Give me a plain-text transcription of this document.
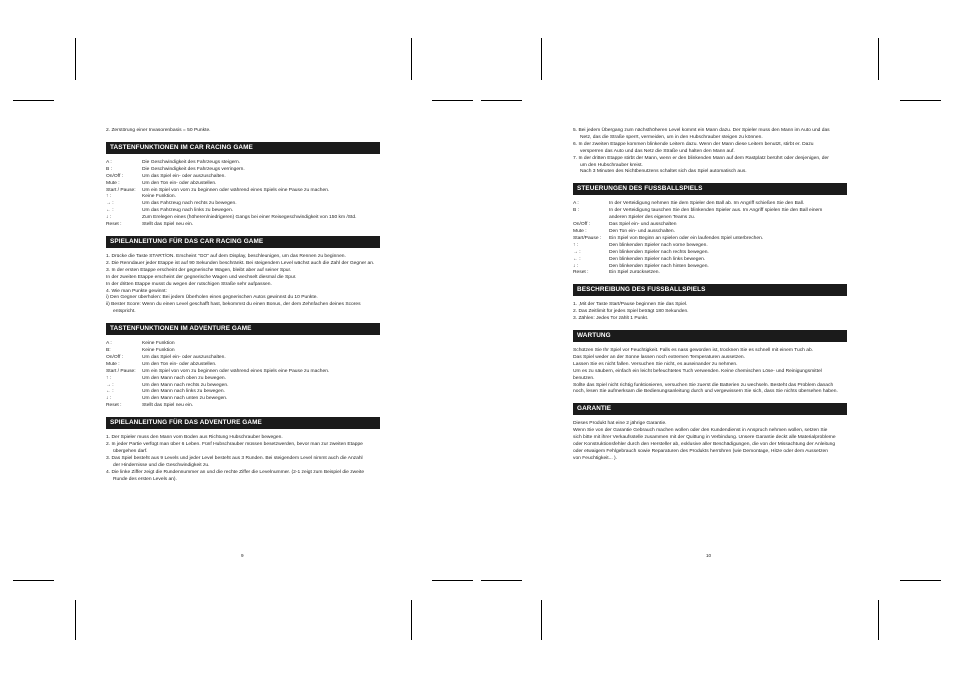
2. Zerstörung einer Invasorenbasis = 50 Punkte.

TASTENFUNKTIONEN IM CAR RACING GAME
A :	Die Geschwindigkeit des Fahrzeugs steigern.
B :	Die Geschwindigkeit des Fahrzeugs verringern.
On/Off :	Um das Spiel ein- oder auszuschalten.
Mute :	Um den Ton ein- oder abzustellen.
Start / Pause:	Um ein Spiel von vorn zu beginnen oder während eines Spiels eine Pause zu machen.
↑ :	Keine Funktion.
→ :	Um das Fahrzeug nach rechts zu bewegen.
← :	Um das Fahrzeug nach links zu bewegen.
↓ :	Zum Erelegen eines (höheren/niedrigeren) Gangs bei einer Reisegeschwindigkeit von 150 km /Std.
Reset :	Stellt das Spiel neu ein.
SPIELANLEITUNG FÜR DAS CAR RACING GAME

1. Drücke die Taste START/ON. Erscheint "GO" auf dem Display, beschleunigen, um das Rennen zu beginnen.

2. Die Renndauer jeder Etappe ist auf 90 Sekunden beschränkt. Bei steigendem Level wächst auch die Zahl der Gegner an.

3. In der ersten Etappe erscheint der gegnerische Wagen, bleibt aber auf seiner Spur.

In der zweiten Etappe erscheint der gegnerische Wagen und wechselt diesmal die Spur.

In der dritten Etappe musst du wegen der rutschigen Straße sehr aufpassen.

4. Wie man Punkte gewinnt:

i) Den Gegner überholen: Bei jedem Überholen eines gegnerischen Autos gewinnst du 10 Punkte.

ii) Bester Score: Wenn du einen Level geschafft hast, bekommst du einen Bonus, der dem Zehnfachen deines Scores

entspricht.

TASTENFUNKTIONEN IM ADVENTURE GAME
A :	Keine Funktion
B:	Keine Funktion
On/Off :	Um das Spiel ein- oder auszuschalten.
Mute :	Um den Ton ein- oder abzustellen.
Start / Pause:	Um ein Spiel von vorn zu beginnen oder während eines Spiels eine Pause zu machen.
↑ :	Um den Mann nach oben zu bewegen.
→ :	Um den Mann nach rechts zu bewegen.
← :	Um den Mann nach links zu bewegen.
↓ :	Um den Mann nach unten zu bewegen.
Reset :	Stellt das Spiel neu ein.
SPIELANLEITUNG FÜR DAS ADVENTURE GAME

1. Der Spieler muss den Mann vom Boden aus Richtung Hubschrauber bewegen.

2. In jeder Partie verfügt man über 6 Leben. Fünf Hubschrauber müssen besetzwerden, bevor man zur zweiten Etappe

übergehen darf.

3. Das Spiel besteht aus 9 Levels und jeder Level besteht aus 3 Runden. Bei steigendem Level nimmt auch die Anzahl

der Hindernisse und die Geschwindigkeit zu.

4. Die linke Ziffer zeigt die Rundennummer an und die rechte Ziffer die Levelnummer. (2-1 zeigt zum Beispiel die zweite

Runde des ersten Levels an).

9

5. Bei jedem Übergang zum nächsthöheren Level kommt ein Mann dazu. Der Spieler muss den Mann im Auto und das

Netz, das die Straße sperrt, vermeiden, um in den Hubschrauber steigen zu können.

6. In der zweiten Etappe kommen blinkende Leitern dazu. Wenn der Mann diese Leitern benutzt, stirbt er. Dazu

versperren das Auto und das Netz die Straße und halten den Mann auf.

7. In der dritten Etappe stirbt der Mann, wenn er den blinkenden Mann auf dem Rastplatz berührt oder denjenigen, der

um den Hubschrauber kreist.

Nach 3 Minuten des Nichtbenutzens schaltet sich das Spiel automatisch aus.

STEUERUNGEN DES FUSSBALLSPIELS
A :	In der Verteidigung nehmen Sie dem Spieler den Ball ab. Im Angriff schießen Sie den Ball.
B :	In der Verteidigung tauschen Sie den blinkenden Spieler aus. Im Angriff spielen Sie den Ball einem
anderen Spieler des eigenen Teams zu.
On/Off :	Das Spiel ein- und ausschalten
Mute :	Den Ton ein- und ausschalten.
Start/Pause :	Ein Spiel von Beginn an spielen oder ein laufendes Spiel unterbrechen.
↑ :	Den blinkenden Spieler nach vorne bewegen.
→ :	Den blinkenden Spieler nach rechts bewegen.
← :	Den blinkenden Spieler nach links bewegen.
↓ :	Den blinkenden Spieler nach hinten bewegen.
Reset :	Ein Spiel zurücksetzen.
BESCHREIBUNG DES FUSSBALLSPIELS

1. ,Mit der Taste Start/Pause beginnen Sie das Spiel.

2. Das Zeitlimit für jedes Spiel beträgt 180 Sekunden.

3. Zählen: Jedes Tor zählt 1 Punkt.

WARTUNG

Schützen Sie Ihr Spiel vor Feuchtigkeit. Falls es nass geworden ist, trocknen Sie es schnell mit einem Tuch ab.

Das Spiel weder an der Sonne lassen noch extremen Temperaturen aussetzen.

Lassen Sie es nicht fallen. Versuchen Sie nicht, es auseinander zu nehmen.

Um es zu säubern, einfach ein leicht befeuchtetes Tuch verwenden. Keine chemischen Löse- und Reinigungsmittel

benutzen.

Sollte das Spiel nicht richtig funktionieren, versuchen Sie zuerst die Batterien zu wechseln. Besteht das Problem danach

noch, lesen Sie aufmerksam die Bedienungsanleitung durch und vergewissern Sie sich, dass Sie nichts übersehen haben.

GARANTIE

Dieses Produkt hat eine 2 jährige Garantie.

Wenn Sie von der Garantie Gebrauch machen wollen oder den Kundendienst in Anspruch nehmen wollen, setzen Sie

sich bitte mit ihrer Verkaufsstelle zusammen mit der Quittung in Verbindung. Unsere Garantie deckt alle Materialprobleme

oder Konstruktionsfehler durch den Hersteller ab, exklusive aller Beschädigungen, die von der Missachtung der Anleitung

oder etwaigem Fehlgebrauch sowie Reparaturen des Produkts herrühren (wie Demontage, Hitze oder dem Aussetzen

von Feuchtigkeit... ).

10
